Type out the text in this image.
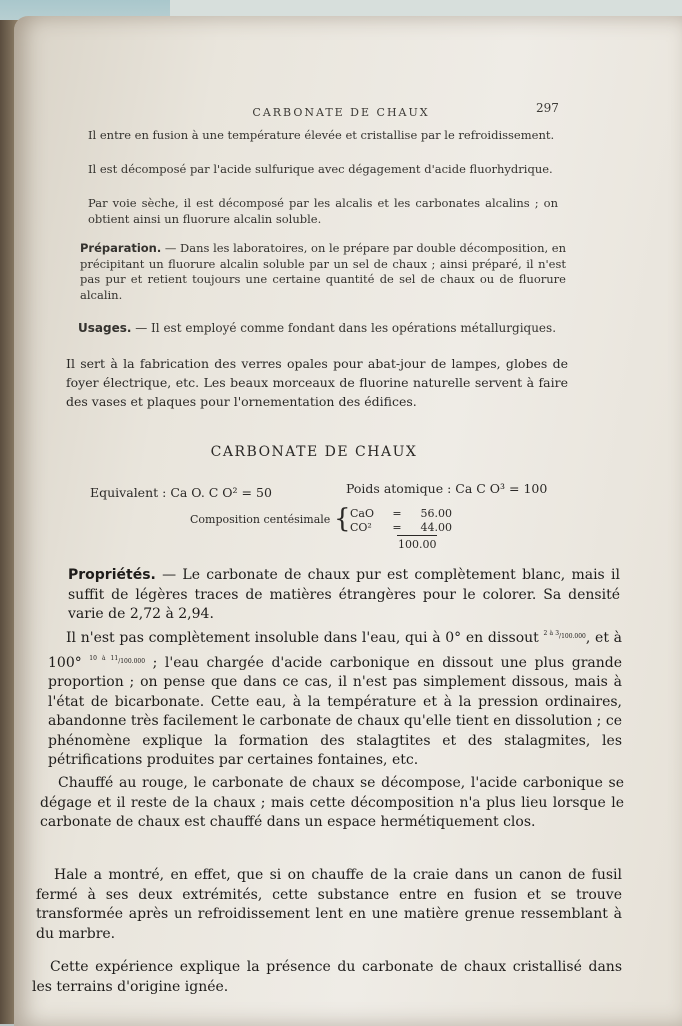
CARBONATE DE CHAUX	297

Il entre en fusion à une température élevée et cristallise par le refroidissement.

Il est décomposé par l'acide sulfurique avec dégagement d'acide fluorhydrique.

Par voie sèche, il est décomposé par les alcalis et les carbonates alcalins ; on obtient ainsi un fluorure alcalin soluble.

Préparation. — Dans les laboratoires, on le prépare par double décomposition, en précipitant un fluorure alcalin soluble par un sel de chaux ; ainsi préparé, il n'est pas pur et retient toujours une certaine quantité de sel de chaux ou de fluorure alcalin.

Usages. — Il est employé comme fondant dans les opérations métallurgiques.

Il sert à la fabrication des verres opales pour abat-jour de lampes, globes de foyer électrique, etc. Les beaux morceaux de fluorine naturelle servent à faire des vases et plaques pour l'ornementation des édifices.

CARBONATE DE CHAUX
Equivalent : Ca O. C O² = 50	Poids atomique : Ca C O³ = 100
Composition centésimale { CaO = 56.00
CO² = 44.00
100.00

Propriétés. — Le carbonate de chaux pur est complètement blanc, mais il suffit de légères traces de matières étrangères pour le colorer. Sa densité varie de 2,72 à 2,94.

Il n'est pas complètement insoluble dans l'eau, qui à 0° en dissout $^{2 à 3/100.000}$, et à 100° $^{10 à 11/100.000}$ ; l'eau chargée d'acide carbonique en dissout une plus grande proportion ; on pense que dans ce cas, il n'est pas simplement dissous, mais à l'état de bicarbonate. Cette eau, à la température et à la pression ordinaires, abandonne très facilement le carbonate de chaux qu'elle tient en dissolution ; ce phénomène explique la formation des stalagtites et des stalagmites, les pétrifications produites par certaines fontaines, etc.

Chauffé au rouge, le carbonate de chaux se décompose, l'acide carbonique se dégage et il reste de la chaux ; mais cette décomposition n'a plus lieu lorsque le carbonate de chaux est chauffé dans un espace hermétiquement clos.

Hale a montré, en effet, que si on chauffe de la craie dans un canon de fusil fermé à ses deux extrémités, cette substance entre en fusion et se trouve transformée après un refroidissement lent en une matière grenue ressemblant à du marbre.

Cette expérience explique la présence du carbonate de chaux cristallisé dans les terrains d'origine ignée.
